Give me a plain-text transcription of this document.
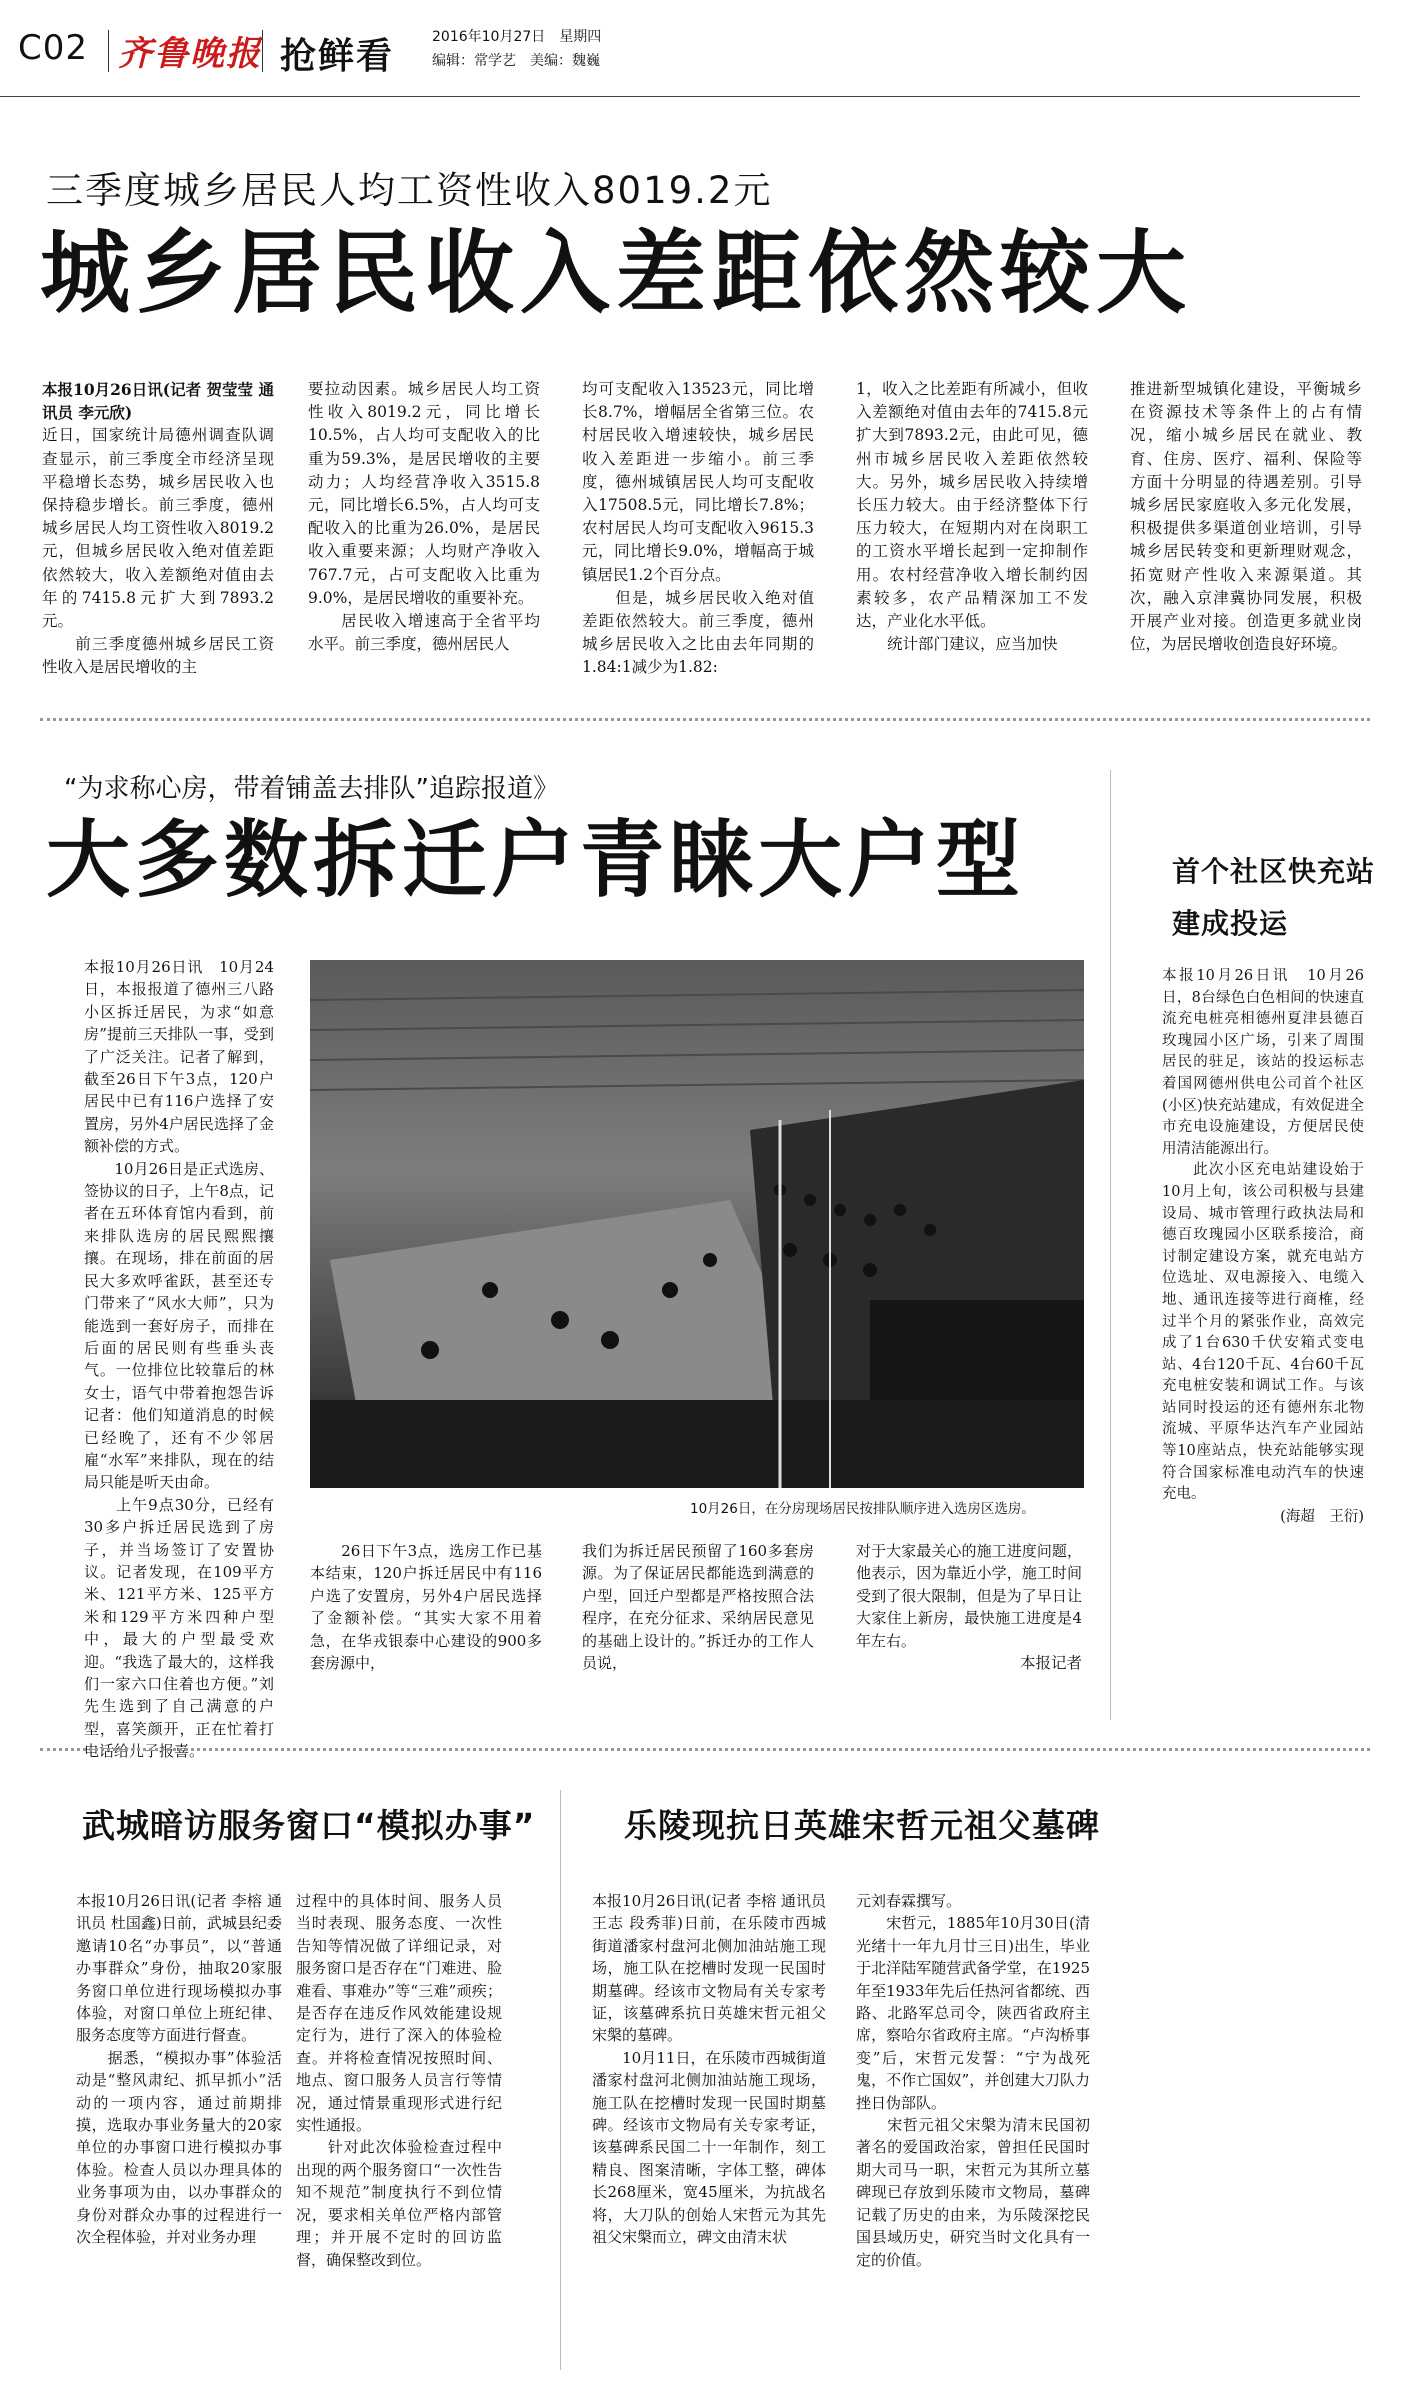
C02 齐鲁晚报 抢鲜看	2016年10月27日　星期四
编辑：常学艺　美编：魏巍
三季度城乡居民人均工资性收入8019.2元
城乡居民收入差距依然较大

本报10月26日讯(记者 贺莹莹 通讯员 李元欣)

近日，国家统计局德州调查队调查显示，前三季度全市经济呈现平稳增长态势，城乡居民收入也保持稳步增长。前三季度，德州城乡居民人均工资性收入8019.2元，但城乡居民收入绝对值差距依然较大，收入差额绝对值由去年的7415.8元扩大到7893.2元。
　　前三季度德州城乡居民工资性收入是居民增收的主

要拉动因素。城乡居民人均工资性收入8019.2元，同比增长10.5%，占人均可支配收入的比重为59.3%，是居民增收的主要动力；人均经营净收入3515.8元，同比增长6.5%，占人均可支配收入的比重为26.0%，是居民收入重要来源；人均财产净收入767.7元，占可支配收入比重为9.0%，是居民增收的重要补充。
　　居民收入增速高于全省平均水平。前三季度，德州居民人

均可支配收入13523元，同比增长8.7%，增幅居全省第三位。农村居民收入增速较快，城乡居民收入差距进一步缩小。前三季度，德州城镇居民人均可支配收入17508.5元，同比增长7.8%；农村居民人均可支配收入9615.3元，同比增长9.0%，增幅高于城镇居民1.2个百分点。
　　但是，城乡居民收入绝对值差距依然较大。前三季度，德州城乡居民收入之比由去年同期的1.84:1减少为1.82:

1，收入之比差距有所减小，但收入差额绝对值由去年的7415.8元扩大到7893.2元，由此可见，德州市城乡居民收入差距依然较大。另外，城乡居民收入持续增长压力较大。由于经济整体下行压力较大，在短期内对在岗职工的工资水平增长起到一定抑制作用。农村经营净收入增长制约因素较多，农产品精深加工不发达，产业化水平低。
　　统计部门建议，应当加快

推进新型城镇化建设，平衡城乡在资源技术等条件上的占有情况，缩小城乡居民在就业、教育、住房、医疗、福利、保险等方面十分明显的待遇差别。引导城乡居民家庭收入多元化发展，积极提供多渠道创业培训，引导城乡居民转变和更新理财观念，拓宽财产性收入来源渠道。其次，融入京津冀协同发展，积极开展产业对接。创造更多就业岗位，为居民增收创造良好环境。

“为求称心房，带着铺盖去排队”追踪报道》
大多数拆迁户青睐大户型

本报10月26日讯　10月24日，本报报道了德州三八路小区拆迁居民，为求“如意房”提前三天排队一事，受到了广泛关注。记者了解到，截至26日下午3点，120户居民中已有116户选择了安置房，另外4户居民选择了金额补偿的方式。
　　10月26日是正式选房、签协议的日子，上午8点，记者在五环体育馆内看到，前来排队选房的居民熙熙攘攘。在现场，排在前面的居民大多欢呼雀跃，甚至还专门带来了“风水大师”，只为能选到一套好房子，而排在后面的居民则有些垂头丧气。一位排位比较靠后的林女士，语气中带着抱怨告诉记者：他们知道消息的时候已经晚了，还有不少邻居雇“水军”来排队，现在的结局只能是听天由命。
　　上午9点30分，已经有30多户拆迁居民选到了房子，并当场签订了安置协议。记者发现，在109平方米、121平方米、125平方米和129平方米四种户型中，最大的户型最受欢迎。“我选了最大的，这样我们一家六口住着也方便。”刘先生选到了自己满意的户型，喜笑颜开，正在忙着打电话给儿子报喜。

10月26日，在分房现场居民按排队顺序进入选房区选房。

　　26日下午3点，选房工作已基本结束，120户拆迁居民中有116户选了安置房，另外4户居民选择了金额补偿。“其实大家不用着急，在华戎银泰中心建设的900多套房源中，

我们为拆迁居民预留了160多套房源。为了保证居民都能选到满意的户型，回迁户型都是严格按照合法程序，在充分征求、采纳居民意见的基础上设计的。”拆迁办的工作人员说，

对于大家最关心的施工进度问题，他表示，因为靠近小学，施工时间受到了很大限制，但是为了早日让大家住上新房，最快施工进度是4年左右。

本报记者

首个社区快充站
建成投运

本报10月26日讯　10月26日，8台绿色白色相间的快速直流充电桩亮相德州夏津县德百玫瑰园小区广场，引来了周围居民的驻足，该站的投运标志着国网德州供电公司首个社区(小区)快充站建成，有效促进全市充电设施建设，方便居民使用清洁能源出行。
　　此次小区充电站建设始于10月上旬，该公司积极与县建设局、城市管理行政执法局和德百玫瑰园小区联系接洽，商讨制定建设方案，就充电站方位选址、双电源接入、电缆入地、通讯连接等进行商榷，经过半个月的紧张作业，高效完成了1台630千伏安箱式变电站、4台120千瓦、4台60千瓦充电桩安装和调试工作。与该站同时投运的还有德州东北物流城、平原华达汽车产业园站等10座站点，快充站能够实现符合国家标准电动汽车的快速充电。

(海超　王衍)

武城暗访服务窗口“模拟办事”

本报10月26日讯(记者 李榕 通讯员 杜国鑫)日前，武城县纪委邀请10名“办事员”，以“普通办事群众”身份，抽取20家服务窗口单位进行现场模拟办事体验，对窗口单位上班纪律、服务态度等方面进行督查。
　　据悉，“模拟办事”体验活动是“整风肃纪、抓早抓小”活动的一项内容，通过前期排摸，选取办事业务量大的20家单位的办事窗口进行模拟办事体验。检查人员以办理具体的业务事项为由，以办事群众的身份对群众办事的过程进行一次全程体验，并对业务办理

过程中的具体时间、服务人员当时表现、服务态度、一次性告知等情况做了详细记录，对服务窗口是否存在“门难进、脸难看、事难办”等“三难”顽疾；是否存在违反作风效能建设规定行为，进行了深入的体验检查。并将检查情况按照时间、地点、窗口服务人员言行等情况，通过情景重现形式进行纪实性通报。
　　针对此次体验检查过程中出现的两个服务窗口“一次性告知不规范”制度执行不到位情况，要求相关单位严格内部管理；并开展不定时的回访监督，确保整改到位。

乐陵现抗日英雄宋哲元祖父墓碑

本报10月26日讯(记者 李榕 通讯员 王志 段秀菲)日前，在乐陵市西城街道潘家村盘河北侧加油站施工现场，施工队在挖槽时发现一民国时期墓碑。经该市文物局有关专家考证，该墓碑系抗日英雄宋哲元祖父宋槃的墓碑。
　　10月11日，在乐陵市西城街道潘家村盘河北侧加油站施工现场，施工队在挖槽时发现一民国时期墓碑。经该市文物局有关专家考证，该墓碑系民国二十一年制作，刻工精良、图案清晰，字体工整，碑体长268厘米，宽45厘米，为抗战名将，大刀队的创始人宋哲元为其先祖父宋槃而立，碑文由清末状

元刘春霖撰写。
　　宋哲元，1885年10月30日(清光绪十一年九月廿三日)出生，毕业于北洋陆军随营武备学堂，在1925年至1933年先后任热河省都统、西路、北路军总司令，陕西省政府主席，察哈尔省政府主席。“卢沟桥事变”后，宋哲元发誓：“宁为战死鬼，不作亡国奴”，并创建大刀队力挫日伪部队。
　　宋哲元祖父宋槃为清末民国初著名的爱国政治家，曾担任民国时期大司马一职，宋哲元为其所立墓碑现已存放到乐陵市文物局，墓碑记载了历史的由来，为乐陵深挖民国县域历史，研究当时文化具有一定的价值。
